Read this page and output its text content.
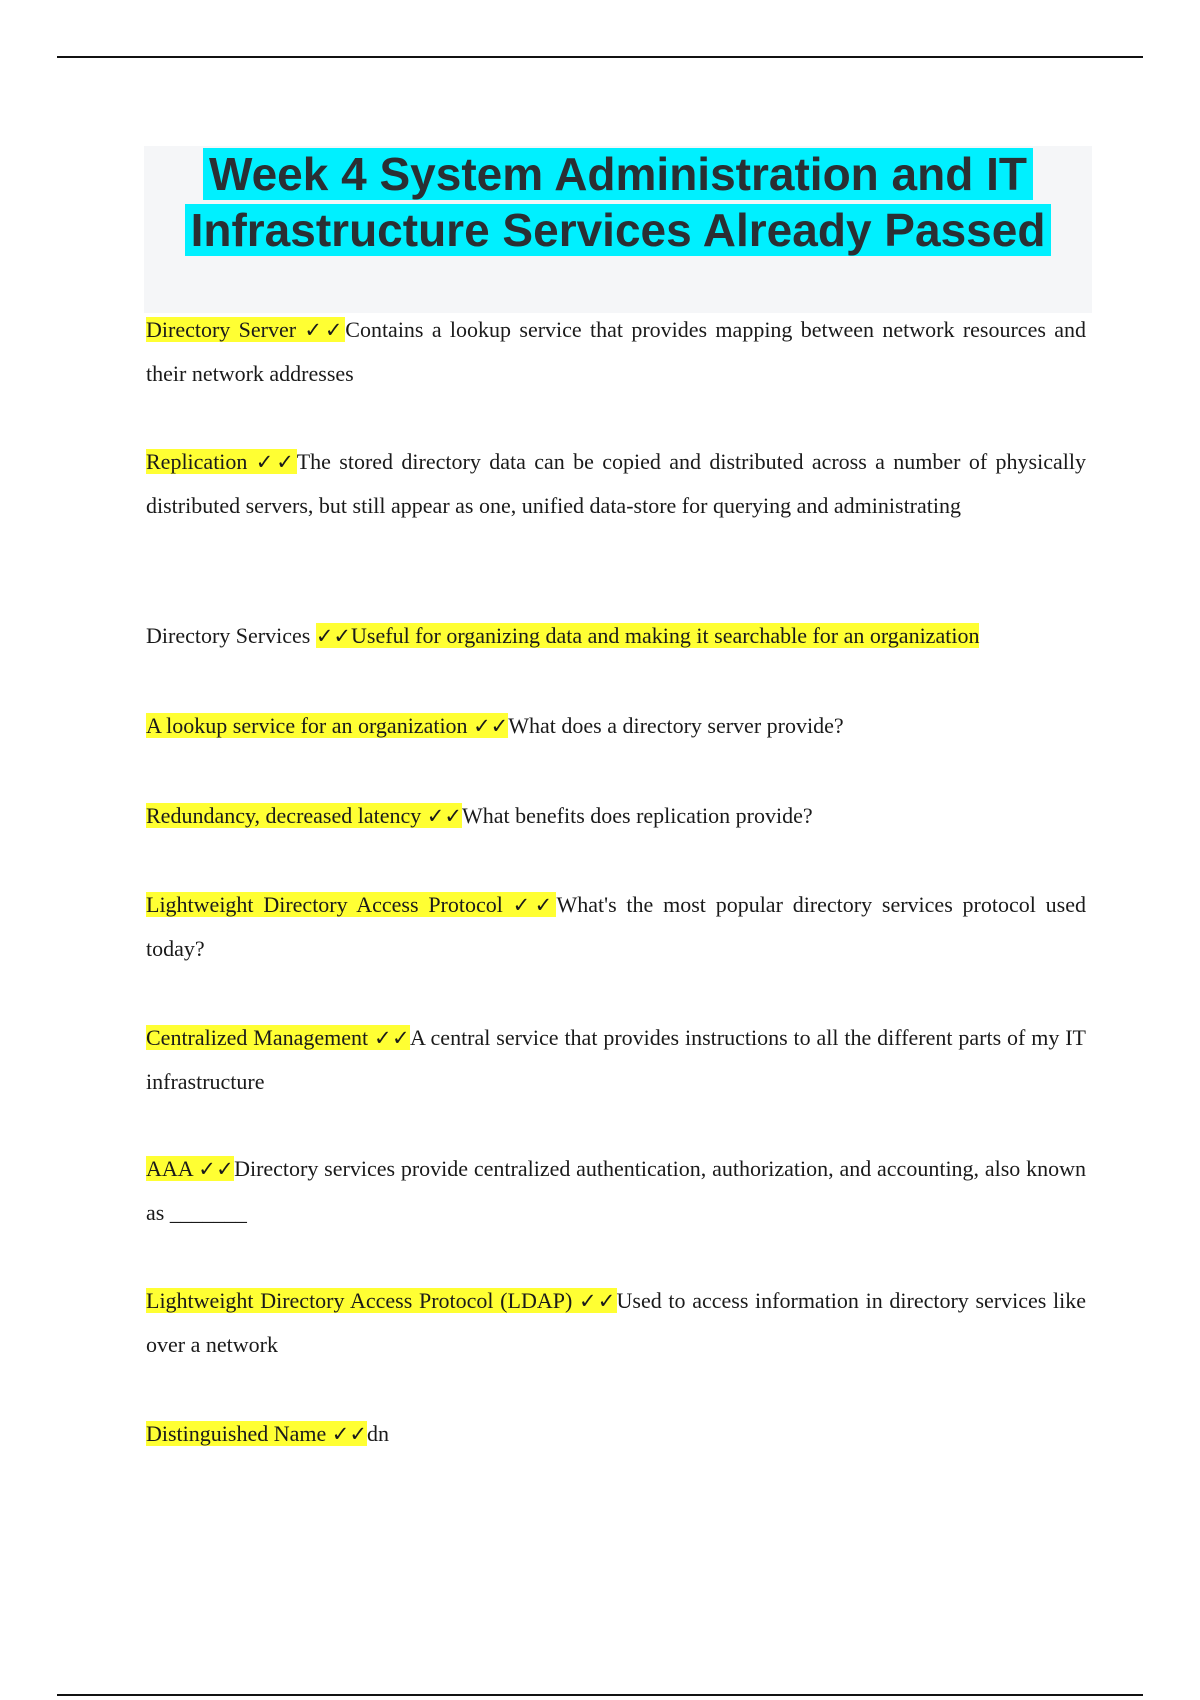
Week 4 System Administration and IT
Infrastructure Services Already Passed

Directory Server ✓✓Contains a lookup service that provides mapping between network resources and their network addresses

Replication ✓✓The stored directory data can be copied and distributed across a number of physically distributed servers, but still appear as one, unified data-store for querying and administrating

Directory Services ✓✓Useful for organizing data and making it searchable for an organization

A lookup service for an organization ✓✓What does a directory server provide?

Redundancy, decreased latency ✓✓What benefits does replication provide?

Lightweight Directory Access Protocol ✓✓What's the most popular directory services protocol used today?

Centralized Management ✓✓A central service that provides instructions to all the different parts of my IT infrastructure

AAA ✓✓Directory services provide centralized authentication, authorization, and accounting, also known as _______

Lightweight Directory Access Protocol (LDAP) ✓✓Used to access information in directory services like over a network

Distinguished Name ✓✓dn
